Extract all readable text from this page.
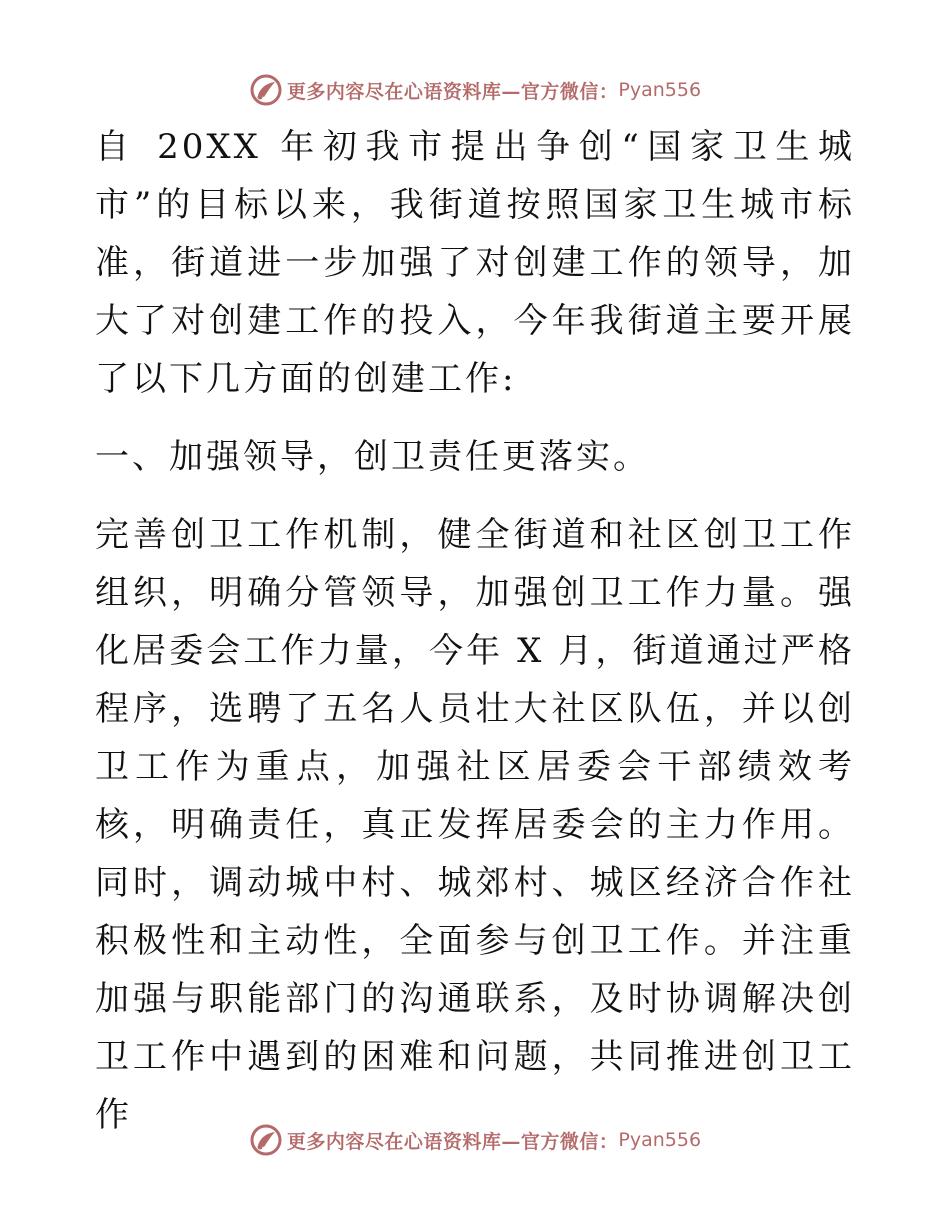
更多内容尽在心语资料库—官方微信： Pyan556

自 20XX 年初我市提出争创“国家卫生城市”的目标以来，我街道按照国家卫生城市标准，街道进一步加强了对创建工作的领导，加大了对创建工作的投入，今年我街道主要开展了以下几方面的创建工作:

一、加强领导，创卫责任更落实。

完善创卫工作机制，健全街道和社区创卫工作组织，明确分管领导，加强创卫工作力量。强化居委会工作力量，今年 X 月，街道通过严格程序，选聘了五名人员壮大社区队伍，并以创卫工作为重点，加强社区居委会干部绩效考核，明确责任，真正发挥居委会的主力作用。同时，调动城中村、城郊村、城区经济合作社积极性和主动性，全面参与创卫工作。并注重加强与职能部门的沟通联系，及时协调解决创卫工作中遇到的困难和问题，共同推进创卫工作

更多内容尽在心语资料库—官方微信： Pyan556
